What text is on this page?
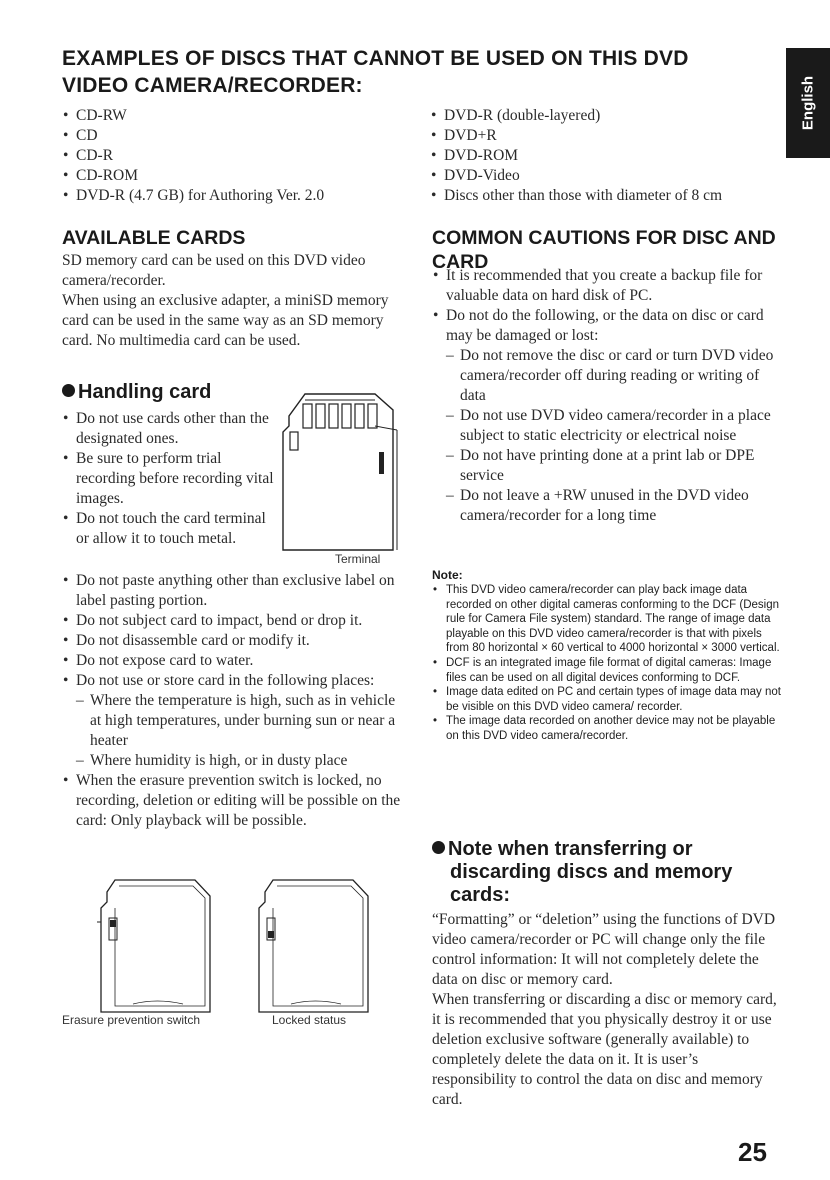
EXAMPLES OF DISCS THAT CANNOT BE USED ON THIS DVD VIDEO CAMERA/RECORDER:	English
• CD-RW
• CD
• CD-R
• CD-ROM
• DVD-R (4.7 GB) for Authoring Ver. 2.0
• DVD-R (double-layered)
• DVD+R
• DVD-ROM
• DVD-Video
• Discs other than those with diameter of 8 cm
AVAILABLE CARDS
SD memory card can be used on this DVD video camera/recorder.
When using an exclusive adapter, a miniSD memory card can be used in the same way as an SD memory card. No multimedia card can be used.
Handling card
• Do not use cards other than the designated ones.
• Be sure to perform trial recording before recording vital images.
• Do not touch the card terminal or allow it to touch metal.
Terminal
• Do not paste anything other than exclusive label on label pasting portion.
• Do not subject card to impact, bend or drop it.
• Do not disassemble card or modify it.
• Do not expose card to water.
• Do not use or store card in the following places:
– Where the temperature is high, such as in vehicle at high temperatures, under burning sun or near a heater
– Where humidity is high, or in dusty place
• When the erasure prevention switch is locked, no recording, deletion or editing will be possible on the card: Only playback will be possible.
Erasure prevention switch	Locked status
COMMON CAUTIONS FOR DISC AND CARD
• It is recommended that you create a backup file for valuable data on hard disk of PC.
• Do not do the following, or the data on disc or card may be damaged or lost:
– Do not remove the disc or card or turn DVD video camera/recorder off during reading or writing of data
– Do not use DVD video camera/recorder in a place subject to static electricity or electrical noise
– Do not have printing done at a print lab or DPE service
– Do not leave a +RW unused in the DVD video camera/recorder for a long time
Note:
• This DVD video camera/recorder can play back image data recorded on other digital cameras conforming to the DCF (Design rule for Camera File system) standard. The range of image data playable on this DVD video camera/recorder is that with pixels from 80 horizontal × 60 vertical to 4000 horizontal × 3000 vertical.
• DCF is an integrated image file format of digital cameras: Image files can be used on all digital devices conforming to DCF.
• Image data edited on PC and certain types of image data may not be visible on this DVD video camera/ recorder.
• The image data recorded on another device may not be playable on this DVD video camera/recorder.
Note when transferring or
discarding discs and memory
cards:
“Formatting” or “deletion” using the functions of DVD video camera/recorder or PC will change only the file control information: It will not completely delete the data on disc or memory card.
When transferring or discarding a disc or memory card, it is recommended that you physically destroy it or use deletion exclusive software (generally available) to completely delete the data on it. It is user’s responsibility to control the data on disc and memory card.
25
